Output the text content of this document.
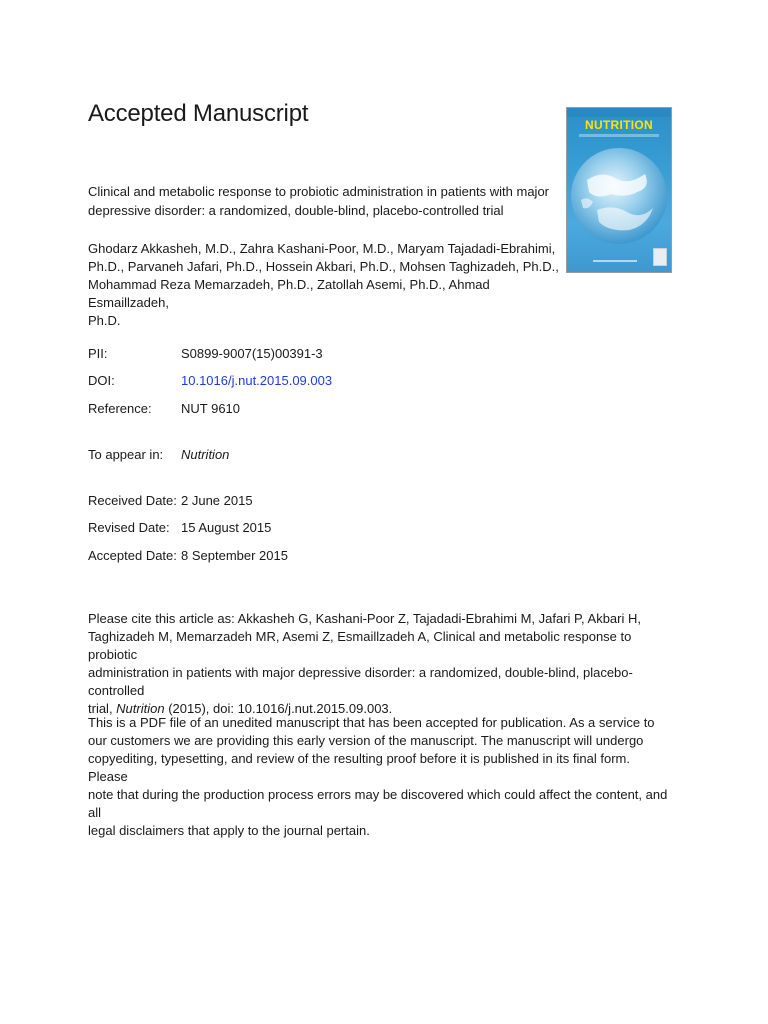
Accepted Manuscript
Clinical and metabolic response to probiotic administration in patients with major
depressive disorder: a randomized, double-blind, placebo-controlled trial
Ghodarz Akkasheh, M.D., Zahra Kashani-Poor, M.D., Maryam Tajadadi-Ebrahimi,
Ph.D., Parvaneh Jafari, Ph.D., Hossein Akbari, Ph.D., Mohsen Taghizadeh, Ph.D.,
Mohammad Reza Memarzadeh, Ph.D., Zatollah Asemi, Ph.D., Ahmad Esmaillzadeh,
Ph.D.
NUTRITION
PII:	S0899-9007(15)00391-3
DOI:	10.1016/j.nut.2015.09.003
Reference: NUT 9610
To appear in: Nutrition
Received Date: 2 June 2015
Revised Date: 15 August 2015
Accepted Date: 8 September 2015
Please cite this article as: Akkasheh G, Kashani-Poor Z, Tajadadi-Ebrahimi M, Jafari P, Akbari H,
Taghizadeh M, Memarzadeh MR, Asemi Z, Esmaillzadeh A, Clinical and metabolic response to probiotic
administration in patients with major depressive disorder: a randomized, double-blind, placebo-controlled
trial, Nutrition (2015), doi: 10.1016/j.nut.2015.09.003.
This is a PDF file of an unedited manuscript that has been accepted for publication. As a service to
our customers we are providing this early version of the manuscript. The manuscript will undergo
copyediting, typesetting, and review of the resulting proof before it is published in its final form. Please
note that during the production process errors may be discovered which could affect the content, and all
legal disclaimers that apply to the journal pertain.
